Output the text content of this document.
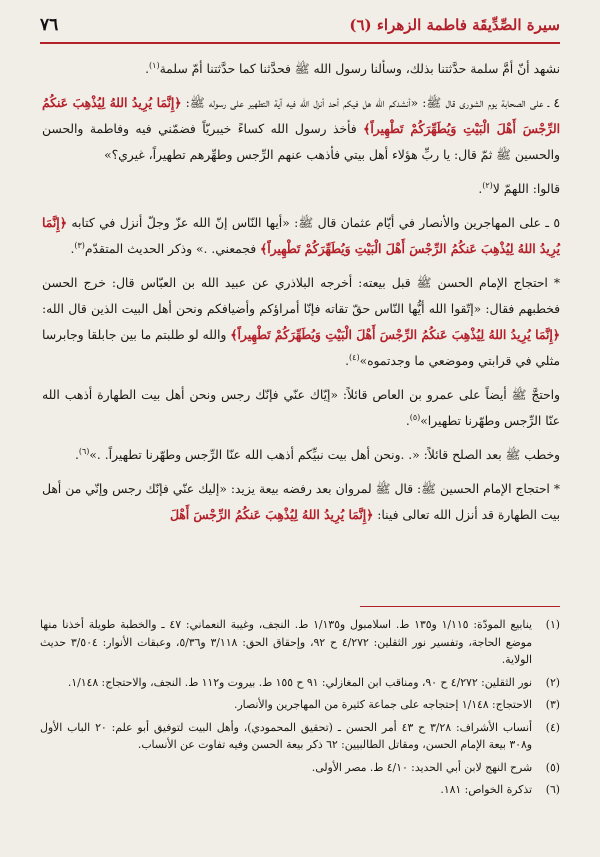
سيرة الصِّدِّيقَة فاطمة الزهراء (٦)
٧٦

نشهد أنّ أمَّ سلمة حدَّثتنا بذلك، وسألنا رسول الله ﷺ فحدَّثنا كما حدَّثتنا أمّ سلمة$^{(١)}$.

٤ ـ على الصحابة يوم الشورى قال ﷺ: «أنشدكم الله هل فيكم أحد أنزل الله فيه آية التطهير على رسوله ﷺ: ﴿إِنَّمَا يُرِيدُ اللهُ لِيُذْهِبَ عَنكُمُ الرِّجْسَ أَهْلَ الْبَيْتِ وَيُطَهِّرَكُمْ تَطْهِيراً﴾ فأخذ رسول الله كساءً خيبريّاً فضمّني فيه وفاطمة والحسن والحسين ﷺ ثمّ قال: يا ربِّ هؤلاء أهل بيتي فأذهب عنهم الرِّجس وطهِّرهم تطهيراً، غيري؟»

قالوا: اللهمّ لا$^{(٢)}$.

٥ ـ على المهاجرين والأنصار في أيّام عثمان قال ﷺ: «أيها النّاس إنّ الله عزّ وجلّ أنزل في كتابه ﴿إِنَّمَا يُرِيدُ اللهُ لِيُذْهِبَ عَنكُمُ الرِّجْسَ أَهْلَ الْبَيْتِ وَيُطَهِّرَكُمْ تَطْهِيراً﴾ فجمعني. .» وذكر الحديث المتقدّم$^{(٣)}$.

* احتجاج الإمام الحسن ﷺ قبل بيعته: أخرجه البلاذري عن عبيد الله بن العبّاس قال: خرج الحسن فخطبهم فقال: «إتّقوا الله أيُّها النّاس حقّ تقاته فإنّا أمراؤكم وأضيافكم ونحن أهل البيت الذين قال الله: ﴿إِنَّمَا يُرِيدُ اللهُ لِيُذْهِبَ عَنكُمُ الرِّجْسَ أَهْلَ الْبَيْتِ وَيُطَهِّرَكُمْ تَطْهِيراً﴾ والله لو طلبتم ما بين جابلقا وجابرسا مثلي في قرابتي وموضعي ما وجدتموه»$^{(٤)}$.

واحتجَّ ﷺ أيضاً على عمرو بن العاص قائلاً: «إيّاك عنّي فإنّك رجس ونحن أهل بيت الطهارة أذهب الله عنّا الرِّجس وطهّرنا تطهيرا»$^{(٥)}$.

وخطب ﷺ بعد الصلح قائلاً: «. .ونحن أهل بيت نبيِّكم أذهب الله عنّا الرِّجس وطهّرنا تطهيراً. .»$^{(٦)}$.

* احتجاج الإمام الحسين ﷺ: قال ﷺ لمروان بعد رفضه بيعة يزيد: «إليك عنّي فإنّك رجس وإنّي من أهل بيت الطهارة قد أنزل الله تعالى فينا: ﴿إِنَّمَا يُرِيدُ اللهُ لِيُذْهِبَ عَنكُمُ الرِّجْسَ أَهْلَ

(١)
ينابيع المودّة: ١/١١٥ و١٣٥ ط. اسلامبول و١/١٣٥ ط. النجف، وغيبة النعماني: ٤٧ ـ والخطبة طويلة أخذنا منها موضع الحاجة، وتفسير نور الثقلين: ٤/٢٧٢ ح ٩٢، وإحقاق الحق: ٣/١١٨ و٥/٣٦، وعبقات الأنوار: ٣/٥٠٤ حديث الولاية.
(٢)
نور الثقلين: ٤/٢٧٢ ح ٩٠، ومناقب ابن المغازلي: ٩١ ح ١٥٥ ط. بيروت و١١٢ ط. النجف، والاحتجاج: ١/١٤٨.
(٣)
الاحتجاج: ١/١٤٨ إحتجاجه على جماعة كثيرة من المهاجرين والأنصار.
(٤)
أنساب الأشراف: ٣/٢٨ ح ٤٣ أمر الحسن ـ (تحقيق المحمودي)، وأهل البيت لتوفيق أبو علم: ٢٠ الباب الأول و٣٠٨ بيعة الإمام الحسن، ومقاتل الطالبيين: ٦٢ ذكر بيعة الحسن وفيه تفاوت عن الأنساب.
(٥)
شرح النهج لابن أبي الحديد: ٤/١٠ ط. مصر الأولى.
(٦)
تذكرة الخواص: ١٨١.
